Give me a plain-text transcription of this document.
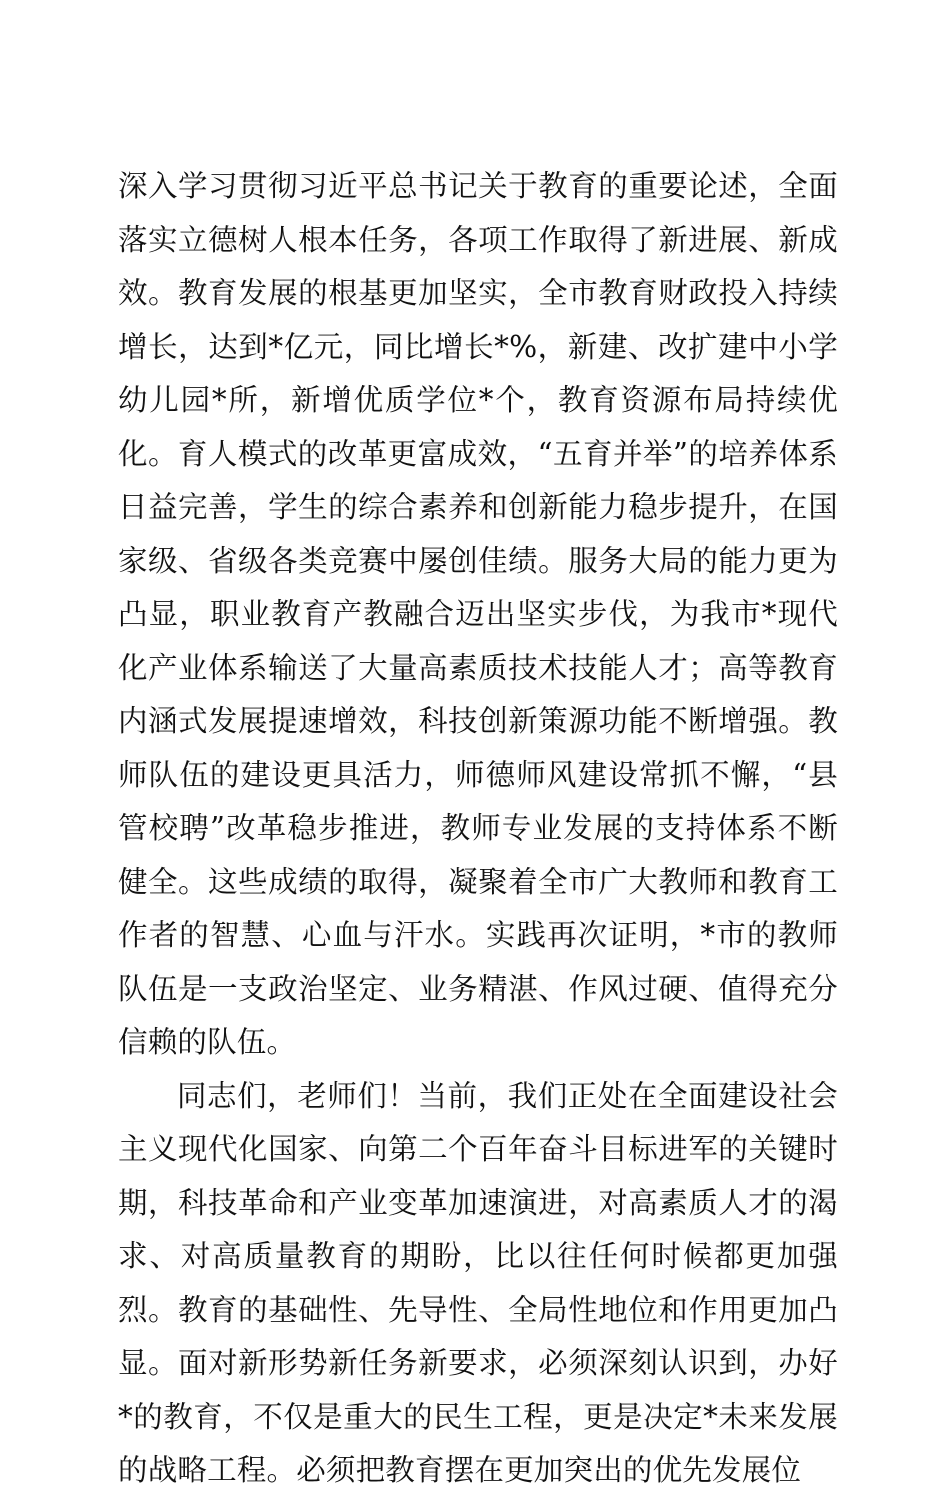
深入学习贯彻习近平总书记关于教育的重要论述，全面落实立德树人根本任务，各项工作取得了新进展、新成效。教育发展的根基更加坚实，全市教育财政投入持续增长，达到*亿元，同比增长*%，新建、改扩建中小学幼儿园*所，新增优质学位*个，教育资源布局持续优化。育人模式的改革更富成效，“五育并举”的培养体系日益完善，学生的综合素养和创新能力稳步提升，在国家级、省级各类竞赛中屡创佳绩。服务大局的能力更为凸显，职业教育产教融合迈出坚实步伐，为我市*现代化产业体系输送了大量高素质技术技能人才；高等教育内涵式发展提速增效，科技创新策源功能不断增强。教师队伍的建设更具活力，师德师风建设常抓不懈，“县管校聘”改革稳步推进，教师专业发展的支持体系不断健全。这些成绩的取得，凝聚着全市广大教师和教育工作者的智慧、心血与汗水。实践再次证明，*市的教师队伍是一支政治坚定、业务精湛、作风过硬、值得充分信赖的队伍。

同志们，老师们！当前，我们正处在全面建设社会主义现代化国家、向第二个百年奋斗目标进军的关键时期，科技革命和产业变革加速演进，对高素质人才的渴求、对高质量教育的期盼，比以往任何时候都更加强烈。教育的基础性、先导性、全局性地位和作用更加凸显。面对新形势新任务新要求，必须深刻认识到，办好*的教育，不仅是重大的民生工程，更是决定*未来发展的战略工程。必须把教育摆在更加突出的优先发展位
